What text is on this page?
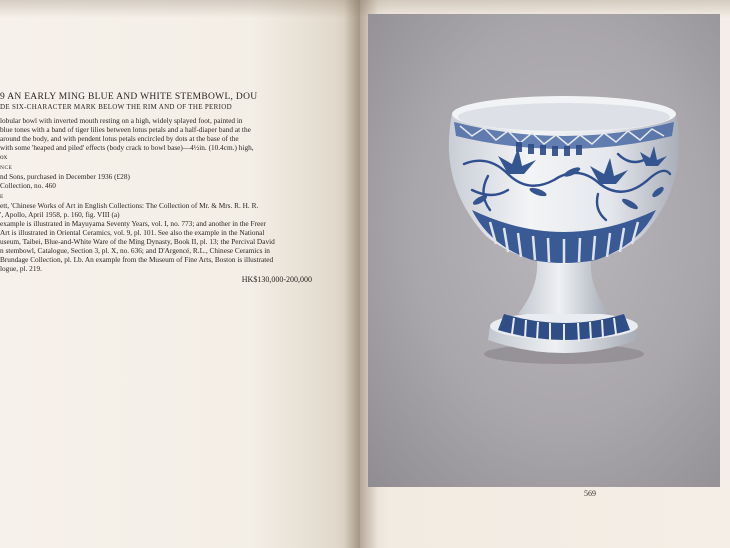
9 AN EARLY MING BLUE AND WHITE STEMBOWL, DOU
DE SIX-CHARACTER MARK BELOW THE RIM AND OF THE PERIOD
lobular bowl with inverted mouth resting on a high, widely splayed foot, painted in
blue tones with a band of tiger lilies between lotus petals and a half-diaper band at the
around the body, and with pendent lotus petals encircled by dots at the base of the
with some 'heaped and piled' effects (body crack to bowl base)—4½in. (10.4cm.) high,
ox
NCE
nd Sons, purchased in December 1936 (£28)
Collection, no. 460
E
ett, 'Chinese Works of Art in English Collections: The Collection of Mr. & Mrs. R. H. R.
', Apollo, April 1958, p. 160, fig. VIII (a)
example is illustrated in Mayuyama Seventy Years, vol. I, no. 773; and another in the Freer
Art is illustrated in Oriental Ceramics, vol. 9, pl. 101. See also the example in the National
useum, Taibei, Blue-and-White Ware of the Ming Dynasty, Book II, pl. 13; the Percival David
n stembowl, Catalogue, Section 3, pl. X, no. 636; and D'Argencé, R.L., Chinese Ceramics in
Brundage Collection, pl. Lb. An example from the Museum of Fine Arts, Boston is illustrated
logue, pl. 219.
HK$130,000-200,000
569
